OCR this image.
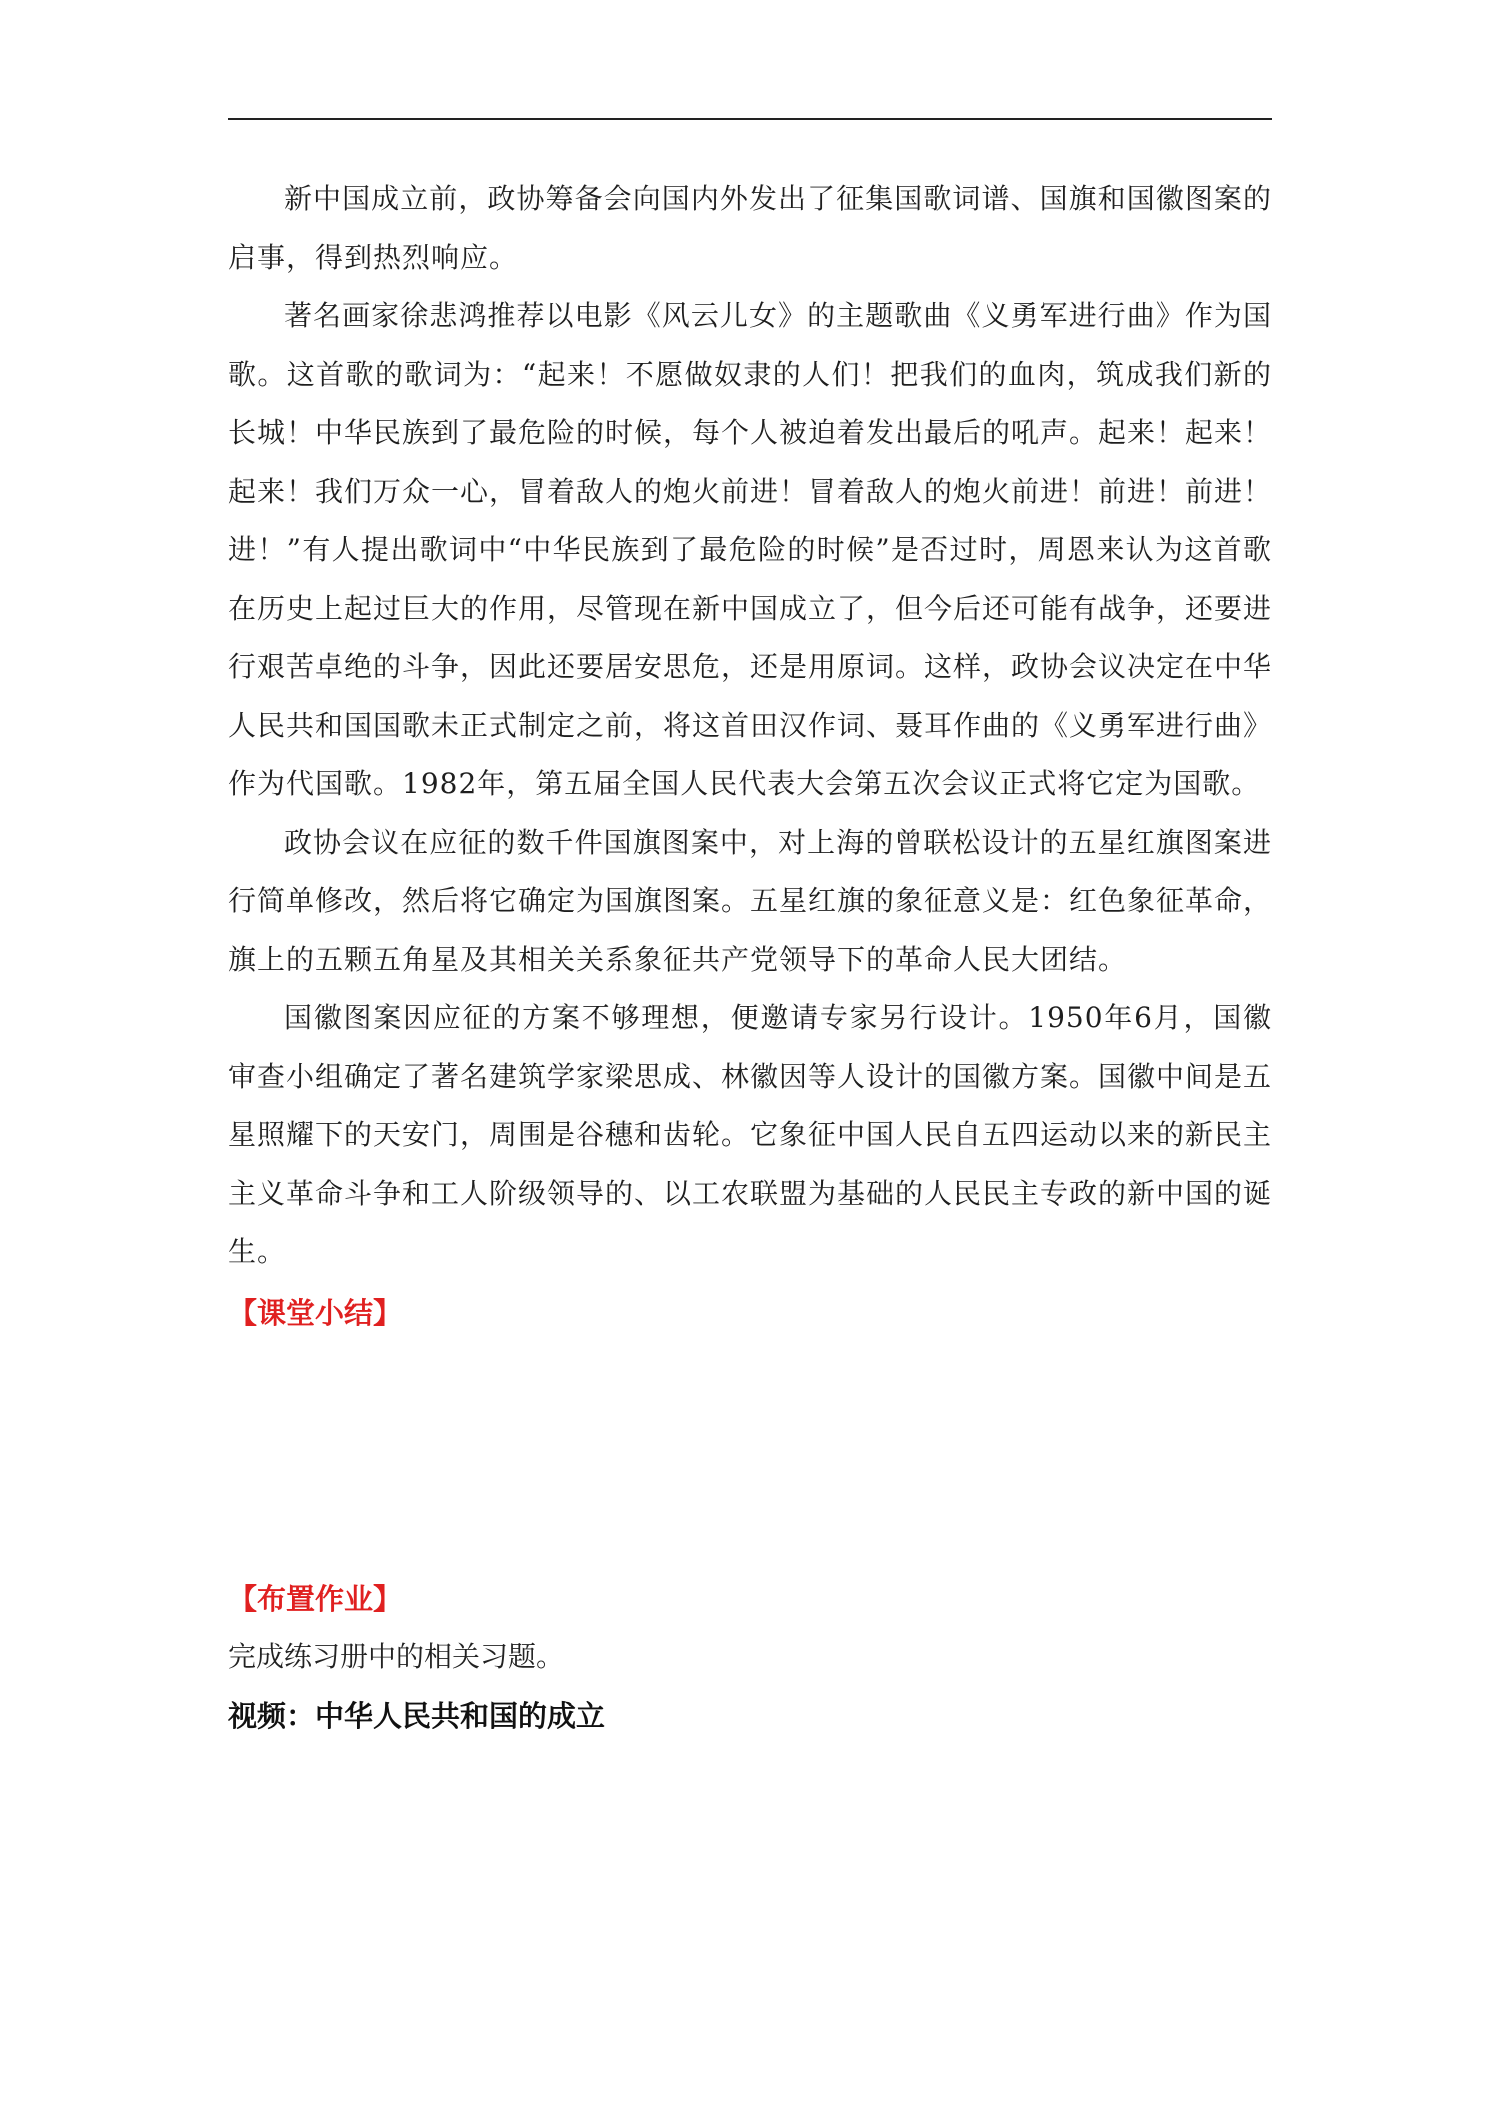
新中国成立前，政协筹备会向国内外发出了征集国歌词谱、国旗和国徽图案的启事，得到热烈响应。

著名画家徐悲鸿推荐以电影《风云儿女》的主题歌曲《义勇军进行曲》作为国歌。这首歌的歌词为：“起来！不愿做奴隶的人们！把我们的血肉，筑成我们新的长城！中华民族到了最危险的时候，每个人被迫着发出最后的吼声。起来！起来！起来！我们万众一心，冒着敌人的炮火前进！冒着敌人的炮火前进！前进！前进！进！”有人提出歌词中“中华民族到了最危险的时候”是否过时，周恩来认为这首歌在历史上起过巨大的作用，尽管现在新中国成立了，但今后还可能有战争，还要进行艰苦卓绝的斗争，因此还要居安思危，还是用原词。这样，政协会议决定在中华人民共和国国歌未正式制定之前，将这首田汉作词、聂耳作曲的《义勇军进行曲》作为代国歌。1982年，第五届全国人民代表大会第五次会议正式将它定为国歌。

政协会议在应征的数千件国旗图案中，对上海的曾联松设计的五星红旗图案进行简单修改，然后将它确定为国旗图案。五星红旗的象征意义是：红色象征革命，旗上的五颗五角星及其相关关系象征共产党领导下的革命人民大团结。

国徽图案因应征的方案不够理想，便邀请专家另行设计。1950年6月，国徽审查小组确定了著名建筑学家梁思成、林徽因等人设计的国徽方案。国徽中间是五星照耀下的天安门，周围是谷穗和齿轮。它象征中国人民自五四运动以来的新民主主义革命斗争和工人阶级领导的、以工农联盟为基础的人民民主专政的新中国的诞生。

【课堂小结】

【布置作业】

完成练习册中的相关习题。

视频：中华人民共和国的成立
